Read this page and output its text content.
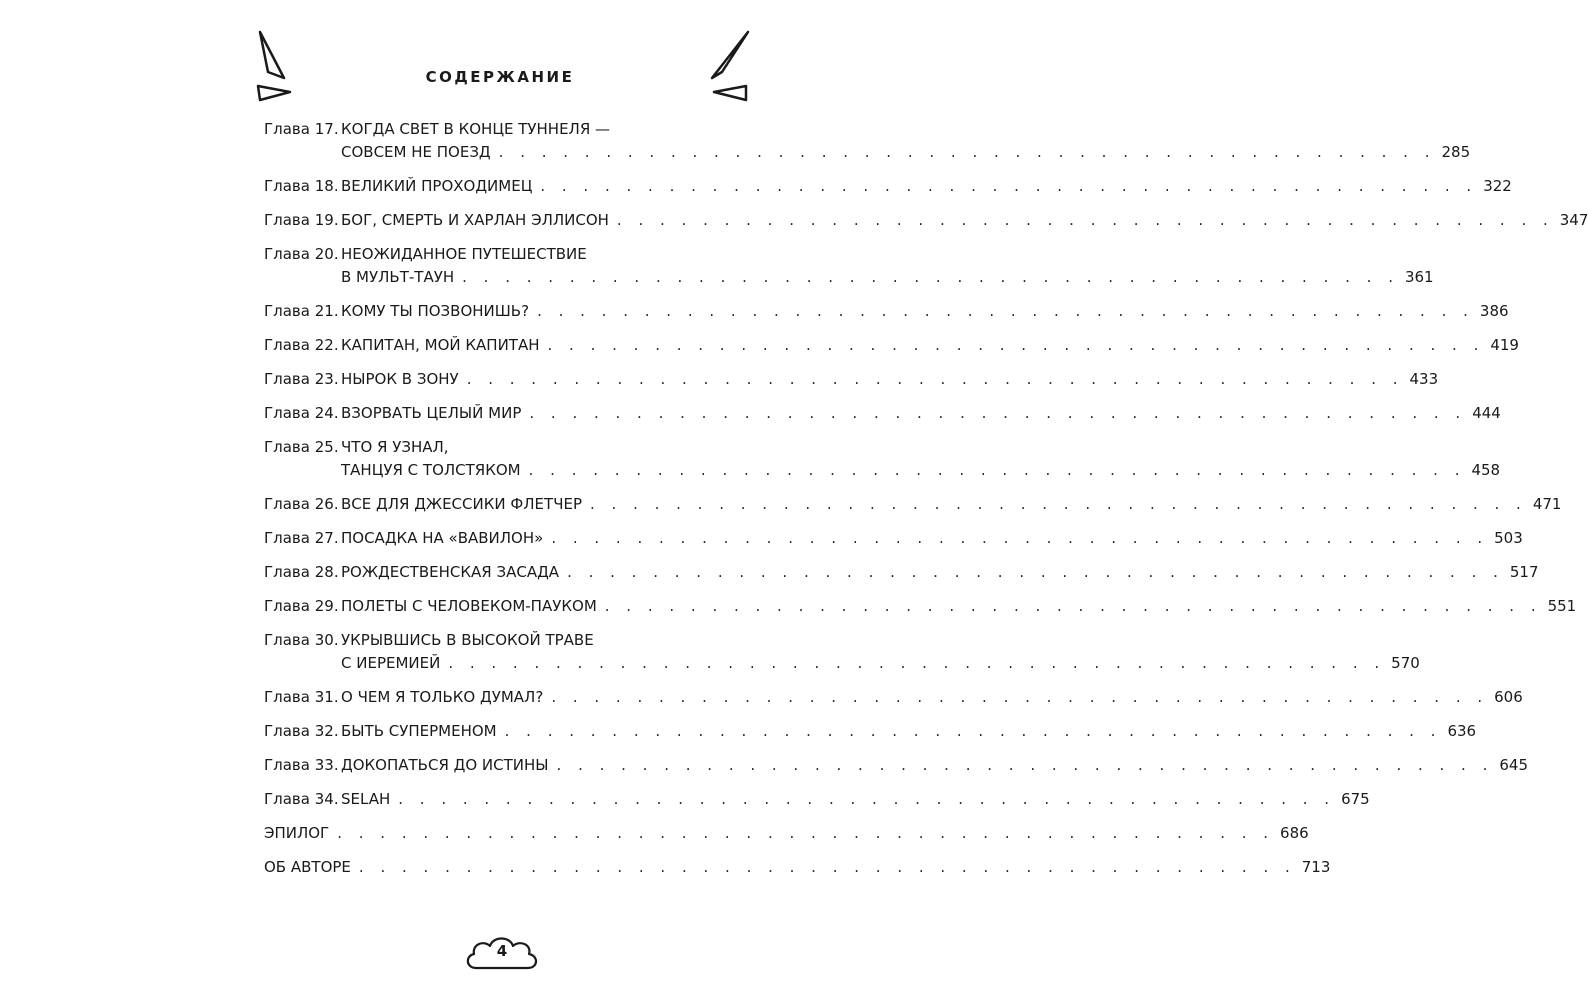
СОДЕРЖАНИЕ
Глава 17. КОГДА СВЕТ В КОНЦЕ ТУННЕЛЯ —
СОВСЕМ НЕ ПОЕЗД . . . . . . . . . . . . . . . . . . . . . . . . . . . . . . . . . . . . . . . . . . . . 285
Глава 18. ВЕЛИКИЙ ПРОХОДИМЕЦ . . . . . . . . . . . . . . . . . . . . . . . . . . . . . . . . . . . . . . . . . . . . 322
Глава 19. БОГ, СМЕРТЬ И ХАРЛАН ЭЛЛИСОН . . . . . . . . . . . . . . . . . . . . . . . . . . . . . . . . . . . . . . . . . . . . 347
Глава 20. НЕОЖИДАННОЕ ПУТЕШЕСТВИЕ
В МУЛЬТ-ТАУН . . . . . . . . . . . . . . . . . . . . . . . . . . . . . . . . . . . . . . . . . . . . 361
Глава 21. КОМУ ТЫ ПОЗВОНИШЬ? . . . . . . . . . . . . . . . . . . . . . . . . . . . . . . . . . . . . . . . . . . . . 386
Глава 22. КАПИТАН, МОЙ КАПИТАН . . . . . . . . . . . . . . . . . . . . . . . . . . . . . . . . . . . . . . . . . . . . 419
Глава 23. НЫРОК В ЗОНУ . . . . . . . . . . . . . . . . . . . . . . . . . . . . . . . . . . . . . . . . . . . . 433
Глава 24. ВЗОРВАТЬ ЦЕЛЫЙ МИР . . . . . . . . . . . . . . . . . . . . . . . . . . . . . . . . . . . . . . . . . . . . 444
Глава 25. ЧТО Я УЗНАЛ,
ТАНЦУЯ С ТОЛСТЯКОМ . . . . . . . . . . . . . . . . . . . . . . . . . . . . . . . . . . . . . . . . . . . . 458
Глава 26. ВСЕ ДЛЯ ДЖЕССИКИ ФЛЕТЧЕР . . . . . . . . . . . . . . . . . . . . . . . . . . . . . . . . . . . . . . . . . . . . 471
Глава 27. ПОСАДКА НА «ВАВИЛОН» . . . . . . . . . . . . . . . . . . . . . . . . . . . . . . . . . . . . . . . . . . . . 503
Глава 28. РОЖДЕСТВЕНСКАЯ ЗАСАДА . . . . . . . . . . . . . . . . . . . . . . . . . . . . . . . . . . . . . . . . . . . . 517
Глава 29. ПОЛЕТЫ С ЧЕЛОВЕКОМ-ПАУКОМ . . . . . . . . . . . . . . . . . . . . . . . . . . . . . . . . . . . . . . . . . . . . 551
Глава 30. УКРЫВШИСЬ В ВЫСОКОЙ ТРАВЕ
С ИЕРЕМИЕЙ . . . . . . . . . . . . . . . . . . . . . . . . . . . . . . . . . . . . . . . . . . . . 570
Глава 31. О ЧЕМ Я ТОЛЬКО ДУМАЛ? . . . . . . . . . . . . . . . . . . . . . . . . . . . . . . . . . . . . . . . . . . . . 606
Глава 32. БЫТЬ СУПЕРМЕНОМ . . . . . . . . . . . . . . . . . . . . . . . . . . . . . . . . . . . . . . . . . . . . 636
Глава 33. ДОКОПАТЬСЯ ДО ИСТИНЫ . . . . . . . . . . . . . . . . . . . . . . . . . . . . . . . . . . . . . . . . . . . . 645
Глава 34. SELAH . . . . . . . . . . . . . . . . . . . . . . . . . . . . . . . . . . . . . . . . . . . . 675
ЭПИЛОГ . . . . . . . . . . . . . . . . . . . . . . . . . . . . . . . . . . . . . . . . . . . . 686
ОБ АВТОРЕ . . . . . . . . . . . . . . . . . . . . . . . . . . . . . . . . . . . . . . . . . . . . 713
4
